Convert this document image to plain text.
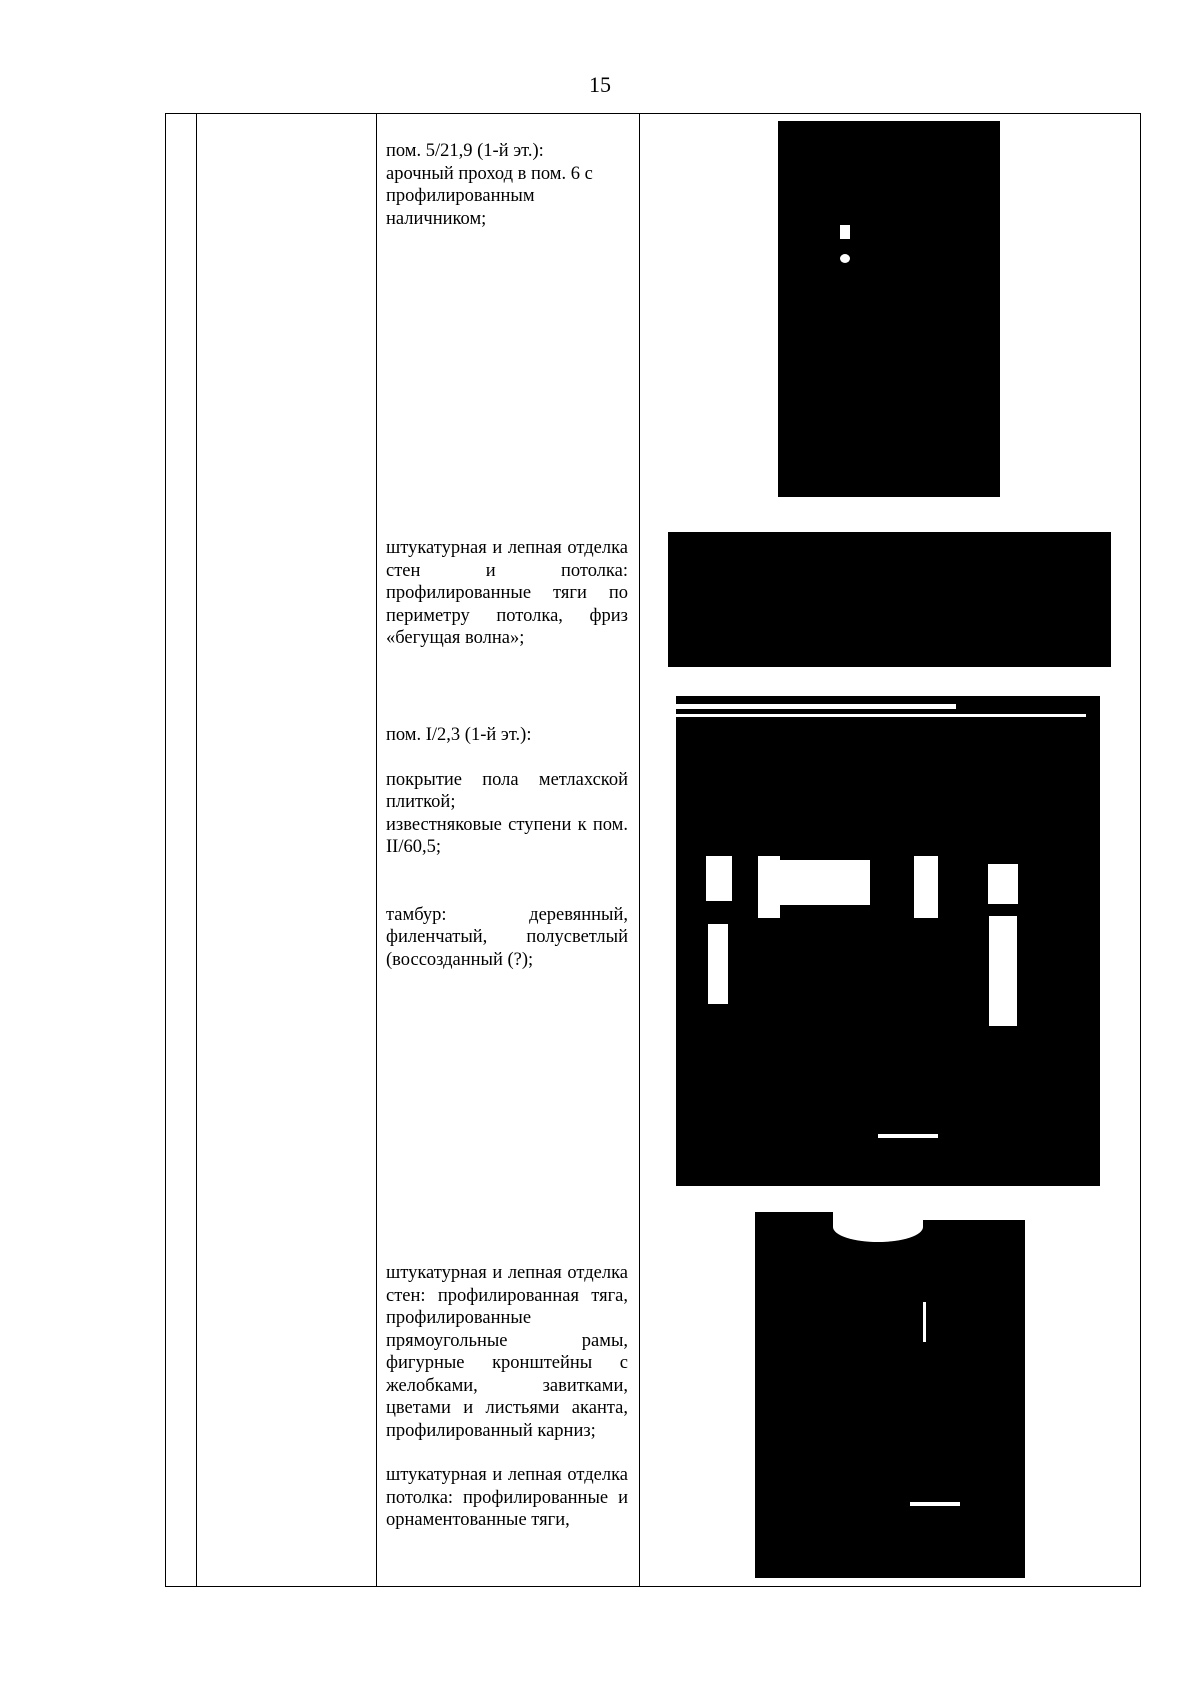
15

пом. 5/21,9 (1-й эт.):

арочный проход в пом. 6 с профилированным наличником;

штукатурная и лепная отделка стен и потолка: профилированные тяги по периметру потолка, фриз «бегущая волна»;

пом. I/2,3 (1-й эт.):

покрытие пола метлахской плиткой;

известняковые ступени к пом. II/60,5;

тамбур: деревянный, филенчатый, полусветлый (воссозданный (?);

штукатурная и лепная отделка стен: профилированная тяга, профилированные прямоугольные рамы, фигурные кронштейны с желобками, завитками, цветами и листьями аканта, профилированный карниз;

штукатурная и лепная отделка потолка: профилированные и орнаментованные тяги,
